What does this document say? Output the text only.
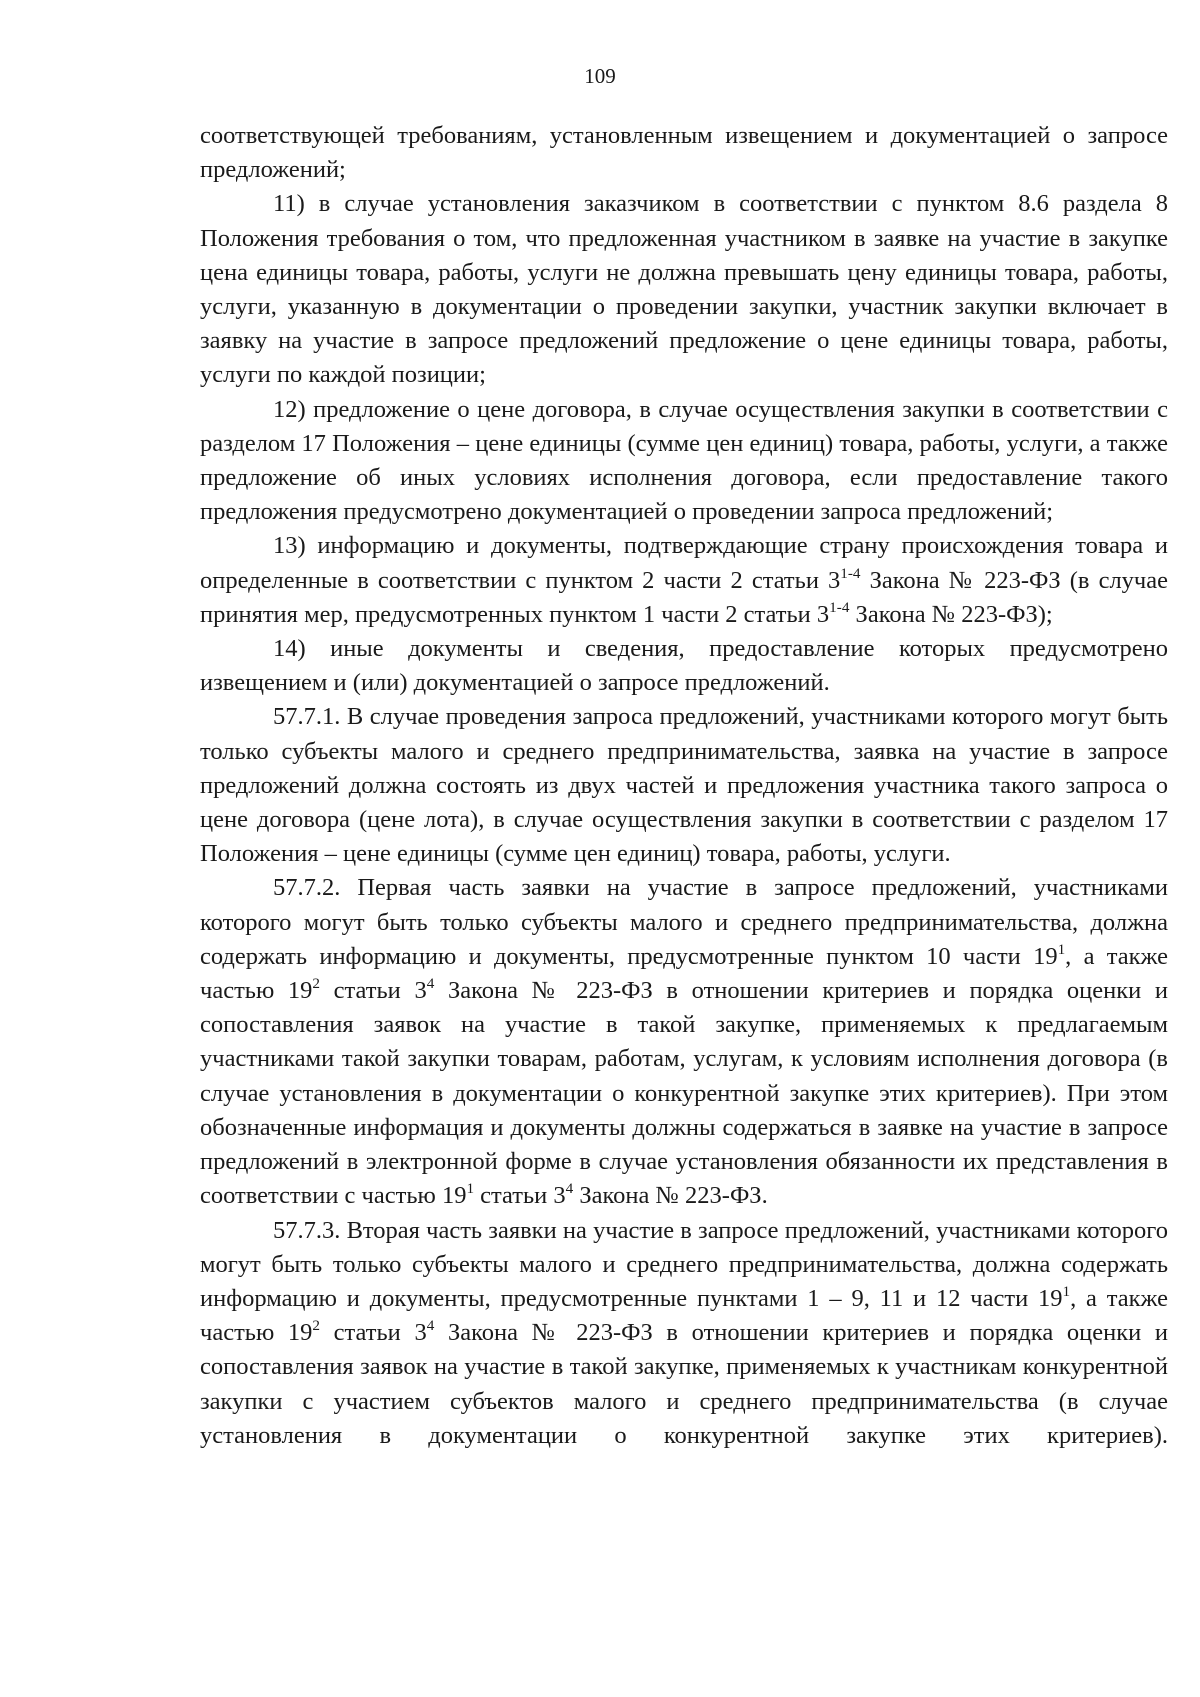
109

соответствующей требованиям, установленным извещением и документацией о запросе предложений;

11) в случае установления заказчиком в соответствии с пунктом 8.6 раздела 8 Положения требования о том, что предложенная участником в заявке на участие в закупке цена единицы товара, работы, услуги не должна превышать цену единицы товара, работы, услуги, указанную в документации о проведении закупки, участник закупки включает в заявку на участие в запросе предложений предложение о цене единицы товара, работы, услуги по каждой позиции;

12) предложение о цене договора, в случае осуществления закупки в соответствии с разделом 17 Положения – цене единицы (сумме цен единиц) товара, работы, услуги, а также предложение об иных условиях исполнения договора, если предоставление такого предложения предусмотрено документацией о проведении запроса предложений;

13) информацию и документы, подтверждающие страну происхождения товара и определенные в соответствии с пунктом 2 части 2 статьи 3$^{1-4}$ Закона № 223-ФЗ (в случае принятия мер, предусмотренных пунктом 1 части 2 статьи 3$^{1-4}$ Закона № 223-ФЗ);

14) иные документы и сведения, предоставление которых предусмотрено извещением и (или) документацией о запросе предложений.

57.7.1. В случае проведения запроса предложений, участниками которого могут быть только субъекты малого и среднего предпринимательства, заявка на участие в запросе предложений должна состоять из двух частей и предложения участника такого запроса о цене договора (цене лота), в случае осуществления закупки в соответствии с разделом 17 Положения – цене единицы (сумме цен единиц) товара, работы, услуги.

57.7.2. Первая часть заявки на участие в запросе предложений, участниками которого могут быть только субъекты малого и среднего предпринимательства, должна содержать информацию и документы, предусмотренные пунктом 10 части $19^1$, а также частью $19^2$ статьи $3^4$ Закона № 223-ФЗ в отношении критериев и порядка оценки и сопоставления заявок на участие в такой закупке, применяемых к предлагаемым участниками такой закупки товарам, работам, услугам, к условиям исполнения договора (в случае установления в документации о конкурентной закупке этих критериев). При этом обозначенные информация и документы должны содержаться в заявке на участие в запросе предложений в электронной форме в случае установления обязанности их представления в соответствии с частью $19^1$ статьи $3^4$ Закона № 223-ФЗ.

57.7.3. Вторая часть заявки на участие в запросе предложений, участниками которого могут быть только субъекты малого и среднего предпринимательства, должна содержать информацию и документы, предусмотренные пунктами 1 – 9, 11 и 12 части $19^1$, а также частью $19^2$ статьи $3^4$ Закона № 223-ФЗ в отношении критериев и порядка оценки и сопоставления заявок на участие в такой закупке, применяемых к участникам конкурентной закупки с участием субъектов малого и среднего предпринимательства (в случае установления в документации о конкурентной закупке этих критериев).
